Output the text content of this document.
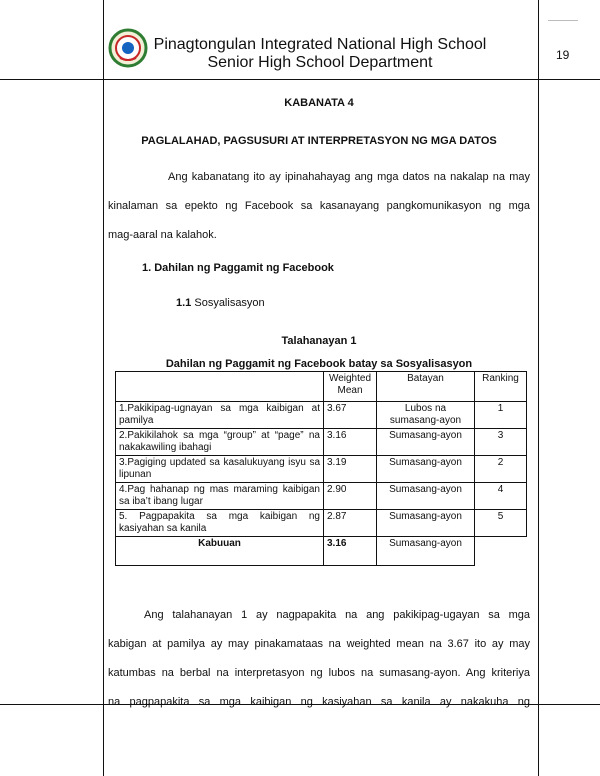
Pinagtongulan Integrated National High School
Senior High School Department	19
KABANATA 4
PAGLALAHAD, PAGSUSURI AT INTERPRETASYON NG MGA DATOS

Ang kabanatang ito ay ipinahahayag ang mga datos na nakalap na may

kinalaman sa epekto ng Facebook sa kasanayang pangkomunikasyon ng mga

mag-aaral na kalahok.

1. Dahilan ng Paggamit ng Facebook
1.1 Sosyalisasyon
Talahanayan 1
Dahilan ng Paggamit ng Facebook batay sa Sosyalisasyon
	Weighted Mean	Batayan	Ranking
1.Pakikipag-ugnayan sa mga kaibigan at pamilya	3.67	Lubos na sumasang-ayon	1
2.Pakikilahok sa mga “group” at “page” na nakakawiling ibahagi	3.16	Sumasang-ayon	3
3.Pagiging updated sa kasalukuyang isyu sa lipunan	3.19	Sumasang-ayon	2
4.Pag hahanap ng mas maraming kaibigan sa iba’t ibang lugar	2.90	Sumasang-ayon	4
5. Pagpapakita sa mga kaibigan ng kasiyahan sa kanila	2.87	Sumasang-ayon	5
Kabuuan	3.16	Sumasang-ayon	

Ang talahanayan 1 ay nagpapakita na ang pakikipag-ugayan sa mga

kabigan at pamilya ay may pinakamataas na weighted mean na 3.67 ito ay may

katumbas na berbal na interpretasyon ng lubos na sumasang-ayon. Ang kriteriya

na pagpapakita sa mga kaibigan ng kasiyahan sa kanila ay nakakuha ng
